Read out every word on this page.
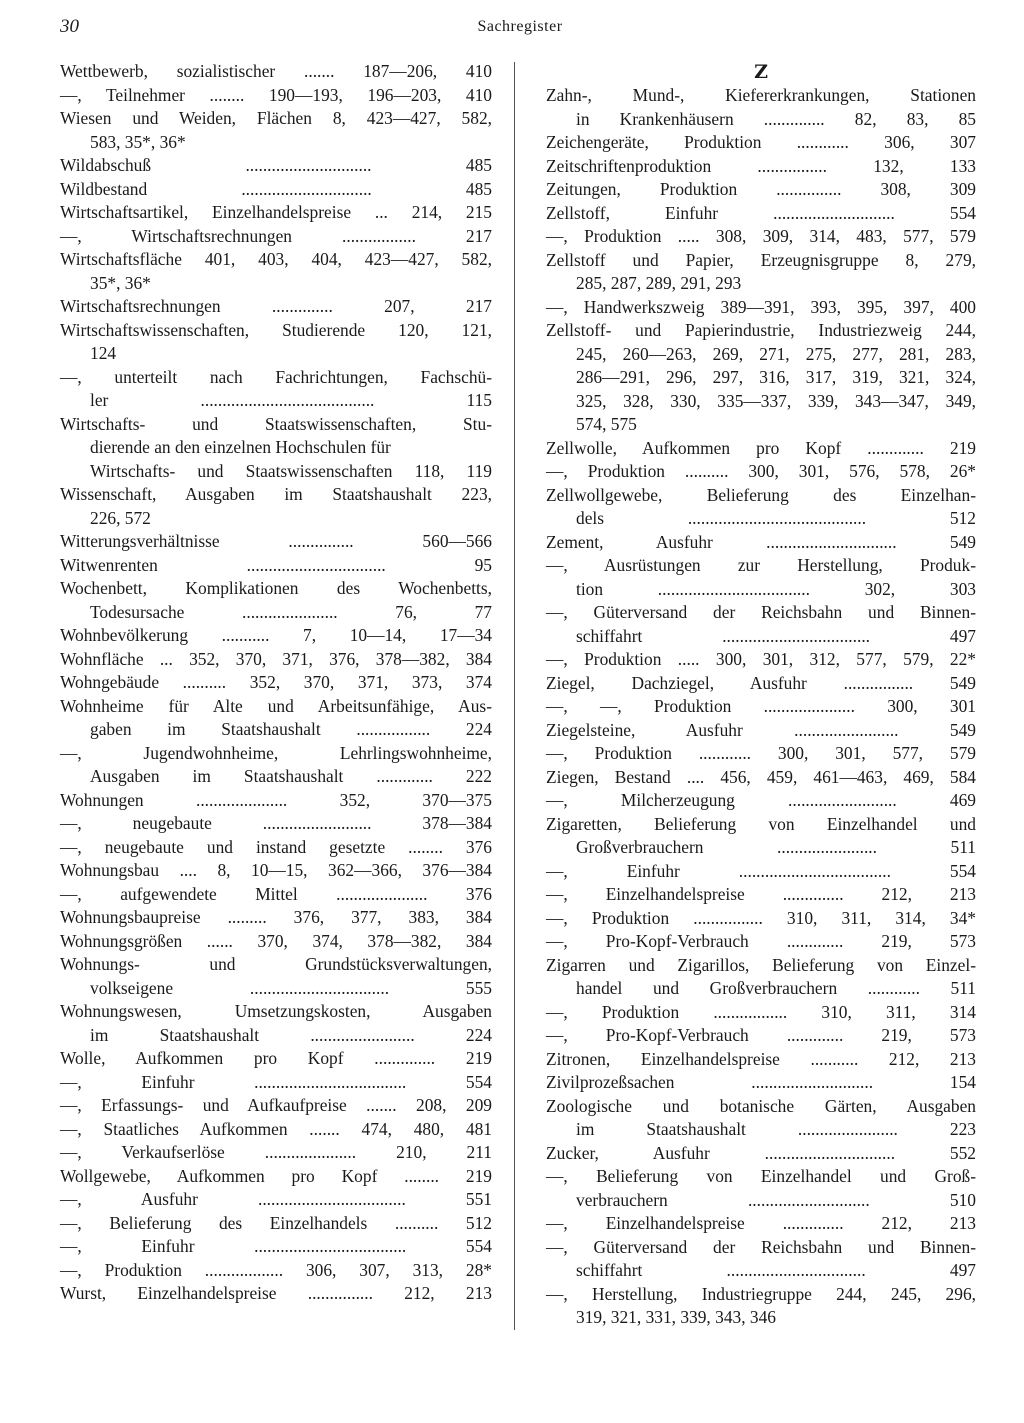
30	Sachregister
Wettbewerb, sozialistischer ....... 187—206, 410
—, Teilnehmer ........ 190—193, 196—203, 410
Wiesen und Weiden, Flächen 8, 423—427, 582,
583, 35*, 36*
Wildabschuß ............................. 485
Wildbestand .............................. 485
Wirtschaftsartikel, Einzelhandelspreise ... 214, 215
—, Wirtschaftsrechnungen ................. 217
Wirtschaftsfläche 401, 403, 404, 423—427, 582,
35*, 36*
Wirtschaftsrechnungen .............. 207, 217
Wirtschaftswissenschaften, Studierende 120, 121,
124
—, unterteilt nach Fachrichtungen, Fachschü-
ler ........................................ 115
Wirtschafts- und Staatswissenschaften, Stu-
dierende an den einzelnen Hochschulen für
Wirtschafts- und Staatswissenschaften 118, 119
Wissenschaft, Ausgaben im Staatshaushalt 223,
226, 572
Witterungsverhältnisse ............... 560—566
Witwenrenten ................................ 95
Wochenbett, Komplikationen des Wochenbetts,
Todesursache ...................... 76, 77
Wohnbevölkerung ........... 7, 10—14, 17—34
Wohnfläche ... 352, 370, 371, 376, 378—382, 384
Wohngebäude .......... 352, 370, 371, 373, 374
Wohnheime für Alte und Arbeitsunfähige, Aus-
gaben im Staatshaushalt ................. 224
—, Jugendwohnheime, Lehrlingswohnheime,
Ausgaben im Staatshaushalt ............. 222
Wohnungen ..................... 352, 370—375
—, neugebaute ......................... 378—384
—, neugebaute und instand gesetzte ........ 376
Wohnungsbau .... 8, 10—15, 362—366, 376—384
—, aufgewendete Mittel ..................... 376
Wohnungsbaupreise ......... 376, 377, 383, 384
Wohnungsgrößen ...... 370, 374, 378—382, 384
Wohnungs- und Grundstücksverwaltungen,
volkseigene ................................ 555
Wohnungswesen, Umsetzungskosten, Ausgaben
im Staatshaushalt ........................ 224
Wolle, Aufkommen pro Kopf .............. 219
—, Einfuhr ................................... 554
—, Erfassungs- und Aufkaufpreise ....... 208, 209
—, Staatliches Aufkommen ....... 474, 480, 481
—, Verkaufserlöse ..................... 210, 211
Wollgewebe, Aufkommen pro Kopf ........ 219
—, Ausfuhr .................................. 551
—, Belieferung des Einzelhandels .......... 512
—, Einfuhr ................................... 554
—, Produktion .................. 306, 307, 313, 28*
Wurst, Einzelhandelspreise ............... 212, 213
Z
Zahn-, Mund-, Kiefererkrankungen, Stationen
in Krankenhäusern .............. 82, 83, 85
Zeichengeräte, Produktion ............ 306, 307
Zeitschriftenproduktion ................ 132, 133
Zeitungen, Produktion ............... 308, 309
Zellstoff, Einfuhr ............................ 554
—, Produktion ..... 308, 309, 314, 483, 577, 579
Zellstoff und Papier, Erzeugnisgruppe 8, 279,
285, 287, 289, 291, 293
—, Handwerkszweig 389—391, 393, 395, 397, 400
Zellstoff- und Papierindustrie, Industriezweig 244,
245, 260—263, 269, 271, 275, 277, 281, 283,
286—291, 296, 297, 316, 317, 319, 321, 324,
325, 328, 330, 335—337, 339, 343—347, 349,
574, 575
Zellwolle, Aufkommen pro Kopf ............. 219
—, Produktion .......... 300, 301, 576, 578, 26*
Zellwollgewebe, Belieferung des Einzelhan-
dels ......................................... 512
Zement, Ausfuhr .............................. 549
—, Ausrüstungen zur Herstellung, Produk-
tion ................................... 302, 303
—, Güterversand der Reichsbahn und Binnen-
schiffahrt .................................. 497
—, Produktion ..... 300, 301, 312, 577, 579, 22*
Ziegel, Dachziegel, Ausfuhr ................ 549
—, —, Produktion ..................... 300, 301
Ziegelsteine, Ausfuhr ........................ 549
—, Produktion ............ 300, 301, 577, 579
Ziegen, Bestand .... 456, 459, 461—463, 469, 584
—, Milcherzeugung ......................... 469
Zigaretten, Belieferung von Einzelhandel und
Großverbrauchern ....................... 511
—, Einfuhr ................................... 554
—, Einzelhandelspreise .............. 212, 213
—, Produktion ................ 310, 311, 314, 34*
—, Pro-Kopf-Verbrauch ............. 219, 573
Zigarren und Zigarillos, Belieferung von Einzel-
handel und Großverbrauchern ............ 511
—, Produktion ................. 310, 311, 314
—, Pro-Kopf-Verbrauch ............. 219, 573
Zitronen, Einzelhandelspreise ........... 212, 213
Zivilprozeßsachen ............................ 154
Zoologische und botanische Gärten, Ausgaben
im Staatshaushalt ....................... 223
Zucker, Ausfuhr .............................. 552
—, Belieferung von Einzelhandel und Groß-
verbrauchern ............................ 510
—, Einzelhandelspreise .............. 212, 213
—, Güterversand der Reichsbahn und Binnen-
schiffahrt ................................ 497
—, Herstellung, Industriegruppe 244, 245, 296,
319, 321, 331, 339, 343, 346
